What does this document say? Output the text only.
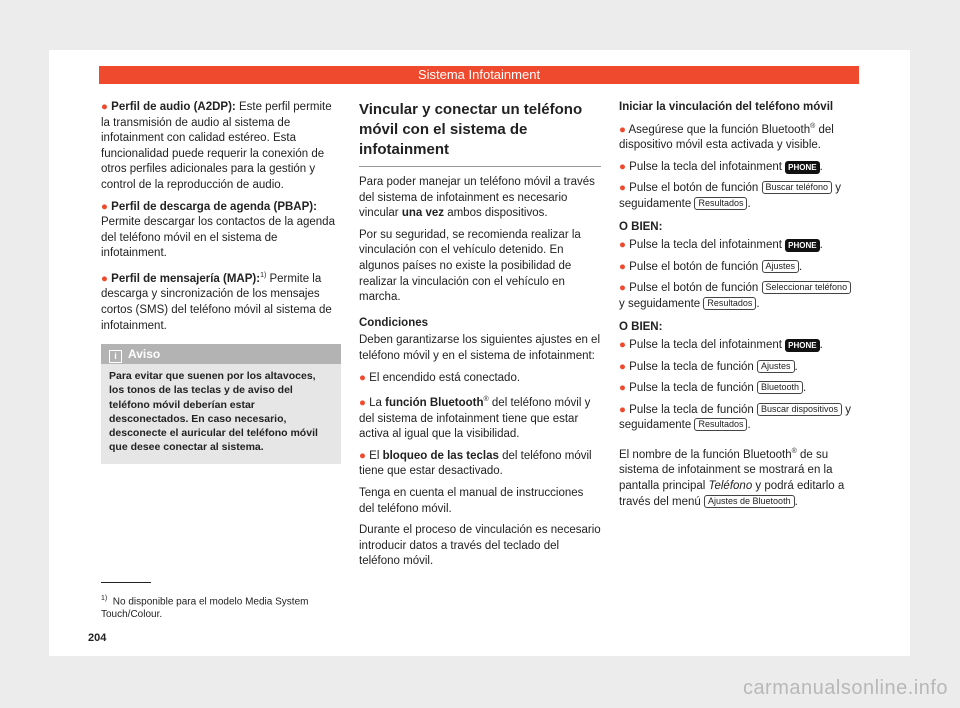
Sistema Infotainment

● Perfil de audio (A2DP): Este perfil permite la transmisión de audio al sistema de infotainment con calidad estéreo. Esta funcionalidad puede requerir la conexión de otros perfiles adicionales para la gestión y control de la reproducción de audio.

● Perfil de descarga de agenda (PBAP): Permite descargar los contactos de la agenda del teléfono móvil en el sistema de infotainment.

● Perfil de mensajería (MAP):$^{1)}$ Permite la descarga y sincronización de los mensajes cortos (SMS) del teléfono móvil al sistema de infotainment.

i Aviso
Para evitar que suenen por los altavoces, los tonos de las teclas y de aviso del teléfono móvil deberían estar desconectados. En caso necesario, desconecte el auricular del teléfono móvil que desee conectar al sistema.
Vincular y conectar un teléfono móvil con el sistema de infotainment

Para poder manejar un teléfono móvil a través del sistema de infotainment es necesario vincular una vez ambos dispositivos.

Por su seguridad, se recomienda realizar la vinculación con el vehículo detenido. En algunos países no existe la posibilidad de realizar la vinculación con el vehículo en marcha.

Condiciones

Deben garantizarse los siguientes ajustes en el teléfono móvil y en el sistema de infotainment:

● El encendido está conectado.

● La función Bluetooth® del teléfono móvil y del sistema de infotainment tiene que estar activa al igual que la visibilidad.

● El bloqueo de las teclas del teléfono móvil tiene que estar desactivado.

Tenga en cuenta el manual de instrucciones del teléfono móvil.

Durante el proceso de vinculación es necesario introducir datos a través del teclado del teléfono móvil.

Iniciar la vinculación del teléfono móvil

● Asegúrese que la función Bluetooth® del dispositivo móvil esta activada y visible.

● Pulse la tecla del infotainment PHONE .

● Pulse el botón de función Buscar teléfono y seguidamente Resultados .

O BIEN:

● Pulse la tecla del infotainment PHONE .

● Pulse el botón de función Ajustes .

● Pulse el botón de función Seleccionar teléfono y seguidamente Resultados .

O BIEN:

● Pulse la tecla del infotainment PHONE .

● Pulse la tecla de función Ajustes .

● Pulse la tecla de función Bluetooth .

● Pulse la tecla de función Buscar dispositivos y seguidamente Resultados .

El nombre de la función Bluetooth® de su sistema de infotainment se mostrará en la pantalla principal Teléfono y podrá editarlo a través del menú Ajustes de Bluetooth .

$^{1)}$ No disponible para el modelo Media System Touch/Colour.
204
carmanualsonline.info
